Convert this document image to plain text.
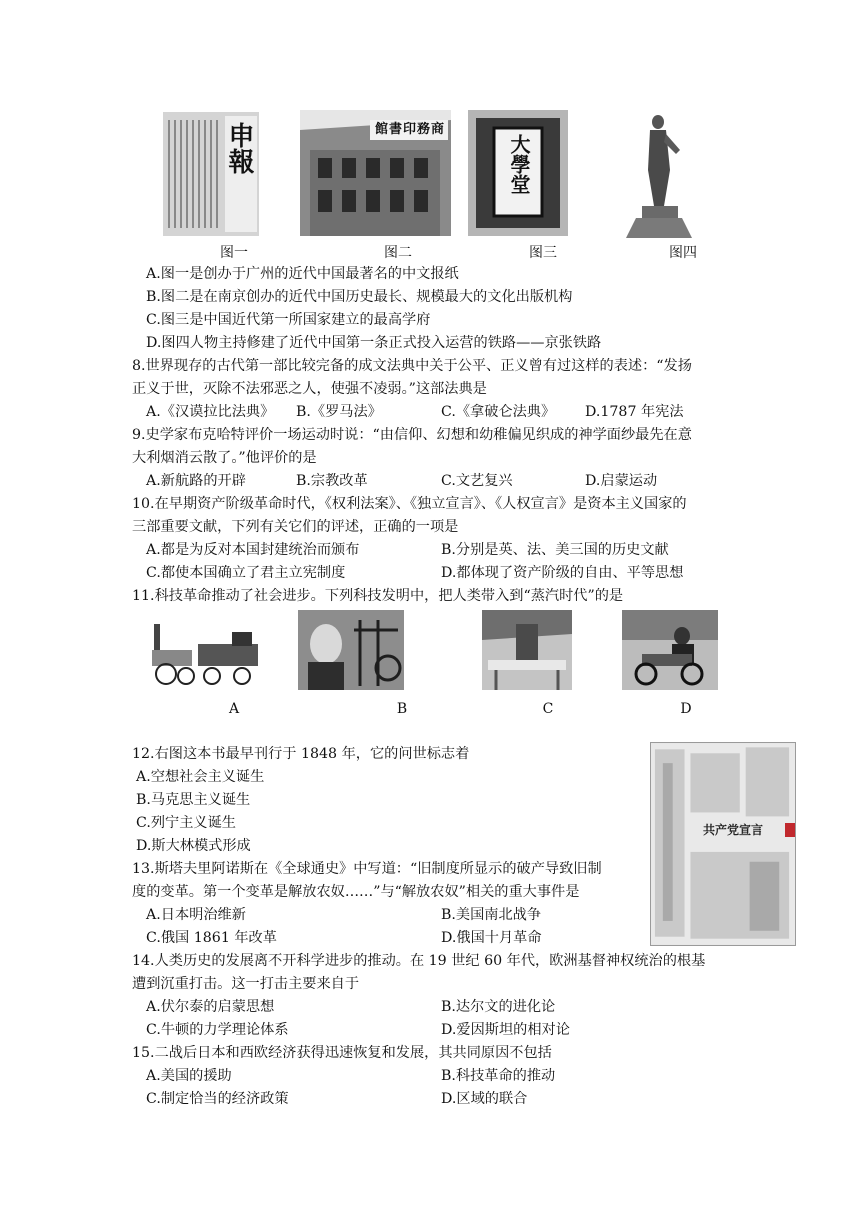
申報	商務印書館
大學堂
图一	图二	图三	图四
A.图一是创办于广州的近代中国最著名的中文报纸
B.图二是在南京创办的近代中国历史最长、规模最大的文化出版机构
C.图三是中国近代第一所国家建立的最高学府
D.图四人物主持修建了近代中国第一条正式投入运营的铁路——京张铁路
8.世界现存的古代第一部比较完备的成文法典中关于公平、正义曾有过这样的表述：“发扬
正义于世，灭除不法邪恶之人，使强不凌弱。”这部法典是
A.《汉谟拉比法典》 B.《罗马法》	C.《拿破仑法典》 D.1787 年宪法
9.史学家布克哈特评价一场运动时说：“由信仰、幻想和幼稚偏见织成的神学面纱最先在意
大利烟消云散了。”他评价的是
A.新航路的开辟	B.宗教改革	C.文艺复兴	D.启蒙运动
10.在早期资产阶级革命时代，《权利法案》、《独立宣言》、《人权宣言》是资本主义国家的
三部重要文献，下列有关它们的评述，正确的一项是
A.都是为反对本国封建统治而颁布	B.分别是英、法、美三国的历史文献
C.都使本国确立了君主立宪制度	D.都体现了资产阶级的自由、平等思想
11.科技革命推动了社会进步。下列科技发明中，把人类带入到“蒸汽时代”的是
A	B	C	D
12.右图这本书最早刊行于 1848 年，它的问世标志着
A.空想社会主义诞生
B.马克思主义诞生
C.列宁主义诞生
D.斯大林模式形成
共产党宣言
13.斯塔夫里阿诺斯在《全球通史》中写道：“旧制度所显示的破产导致旧制
度的变革。第一个变革是解放农奴……”与“解放农奴”相关的重大事件是
A.日本明治维新	B.美国南北战争
C.俄国 1861 年改革	D.俄国十月革命
14.人类历史的发展离不开科学进步的推动。在 19 世纪 60 年代，欧洲基督神权统治的根基
遭到沉重打击。这一打击主要来自于
A.伏尔泰的启蒙思想	B.达尔文的进化论
C.牛顿的力学理论体系	D.爱因斯坦的相对论
15.二战后日本和西欧经济获得迅速恢复和发展，其共同原因不包括
A.美国的援助	B.科技革命的推动
C.制定恰当的经济政策	D.区域的联合
